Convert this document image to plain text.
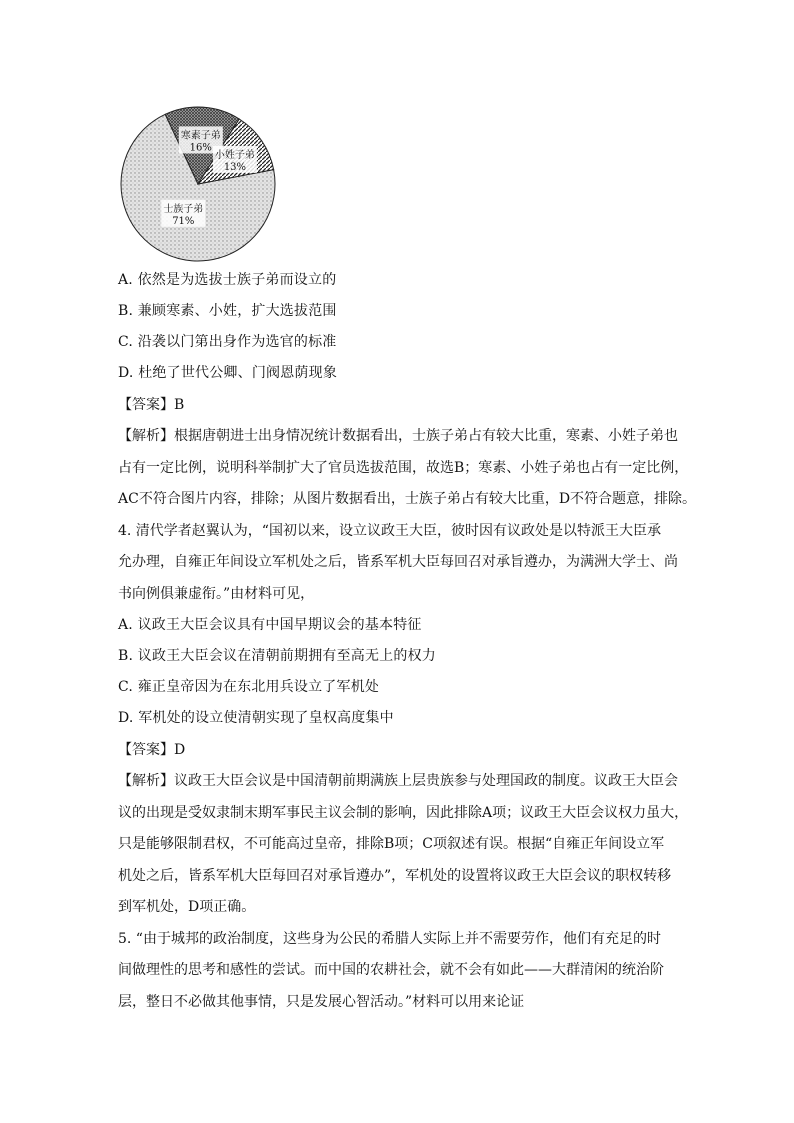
士族子弟
71%
寒素子弟
16%
小姓子弟
13%
A. 依然是为选拔士族子弟而设立的
B. 兼顾寒素、小姓，扩大选拔范围
C. 沿袭以门第出身作为选官的标准
D. 杜绝了世代公卿、门阀恩荫现象
【答案】B
【解析】根据唐朝进士出身情况统计数据看出，士族子弟占有较大比重，寒素、小姓子弟也
占有一定比例，说明科举制扩大了官员选拔范围，故选B；寒素、小姓子弟也占有一定比例，
AC不符合图片内容，排除；从图片数据看出，士族子弟占有较大比重，D不符合题意，排除。
4. 清代学者赵翼认为，“国初以来，设立议政王大臣，彼时因有议政处是以特派王大臣承
允办理，自雍正年间设立军机处之后，皆系军机大臣每回召对承旨遵办，为满洲大学士、尚
书向例俱兼虚衔。”由材料可见，
A. 议政王大臣会议具有中国早期议会的基本特征
B. 议政王大臣会议在清朝前期拥有至高无上的权力
C. 雍正皇帝因为在东北用兵设立了军机处
D. 军机处的设立使清朝实现了皇权高度集中
【答案】D
【解析】议政王大臣会议是中国清朝前期满族上层贵族参与处理国政的制度。议政王大臣会
议的出现是受奴隶制末期军事民主议会制的影响，因此排除A项；议政王大臣会议权力虽大，
只是能够限制君权，不可能高过皇帝，排除B项；C项叙述有误。根据“自雍正年间设立军
机处之后，皆系军机大臣每回召对承旨遵办”，军机处的设置将议政王大臣会议的职权转移
到军机处，D项正确。
5. “由于城邦的政治制度，这些身为公民的希腊人实际上并不需要劳作，他们有充足的时
间做理性的思考和感性的尝试。而中国的农耕社会，就不会有如此——大群清闲的统治阶
层，整日不必做其他事情，只是发展心智活动。”材料可以用来论证
